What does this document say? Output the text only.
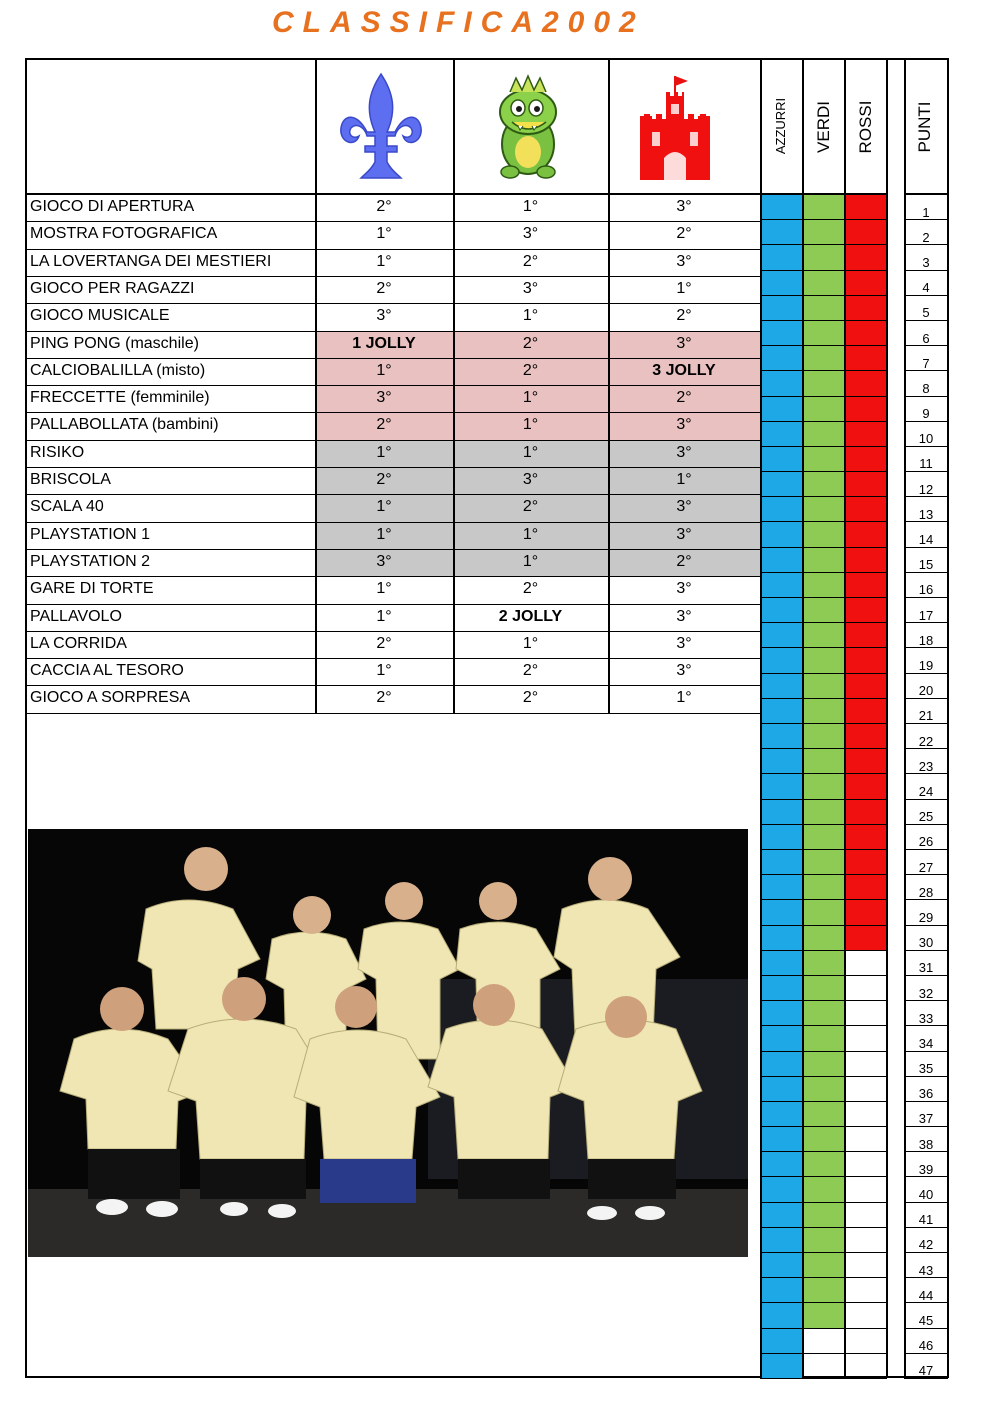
CLASSIFICA 2002
AZZURRI VERDI ROSSI PUNTI
GIOCO DI APERTURA	2°	1°	3°
MOSTRA FOTOGRAFICA	1°	3°	2°
LA LOVERTANGA DEI MESTIERI	1°	2°	3°
GIOCO PER RAGAZZI	2°	3°	1°
GIOCO MUSICALE	3°	1°	2°
PING PONG (maschile)	1 JOLLY	2°	3°
CALCIOBALILLA (misto)	1°	2°	3 JOLLY
FRECCETTE (femminile)	3°	1°	2°
PALLABOLLATA (bambini)	2°	1°	3°
RISIKO	1°	1°	3°
BRISCOLA	2°	3°	1°
SCALA 40	1°	2°	3°
PLAYSTATION 1	1°	1°	3°
PLAYSTATION 2	3°	1°	2°
GARE DI TORTE	1°	2°	3°
PALLAVOLO	1°	2 JOLLY	3°
LA CORRIDA	2°	1°	3°
CACCIA AL TESORO	1°	2°	3°
GIOCO A SORPRESA	2°	2°	1°
1
2
3
4
5
6
7
8
9
10
11
12
13
14
15
16
17
18
19
20
21
22
23
24
25
26
27
28
29
30
31
32
33
34
35
36
37
38
39
40
41
42
43
44
45
46
47
